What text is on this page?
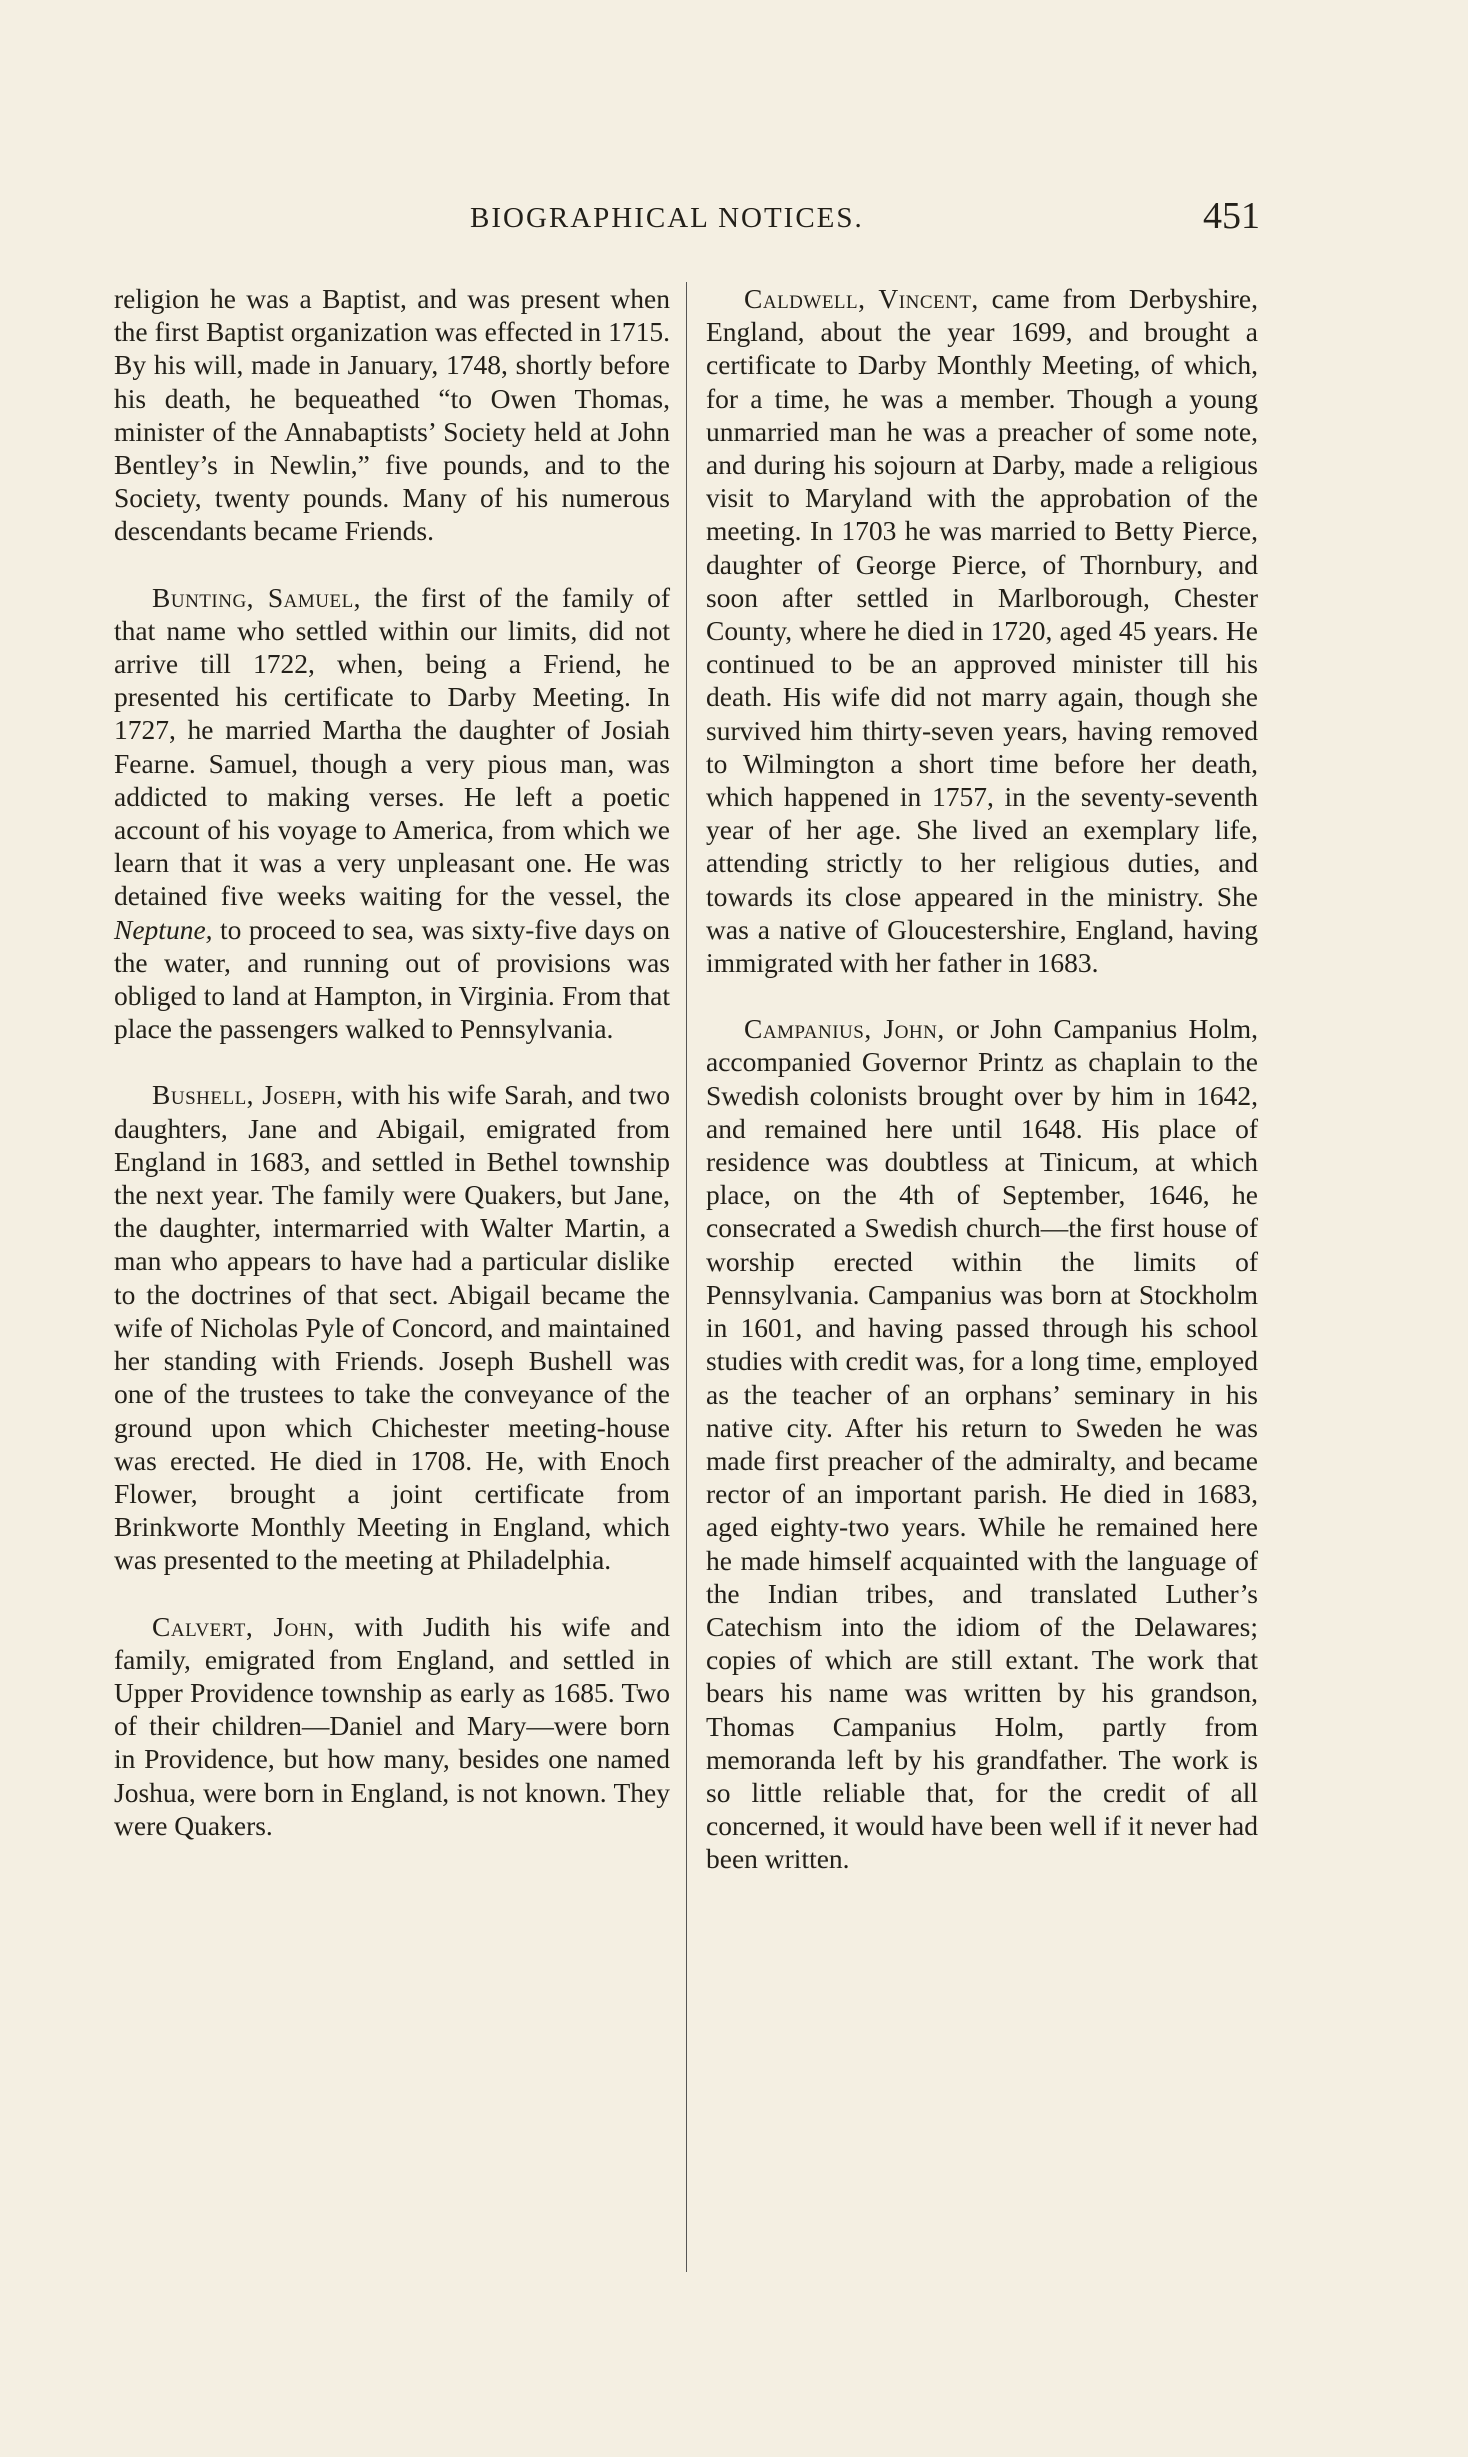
BIOGRAPHICAL NOTICES.	451

religion he was a Baptist, and was present when the first Baptist organization was effected in 1715. By his will, made in January, 1748, shortly before his death, he bequeathed “to Owen Thomas, minister of the Annabaptists’ Society held at John Bentley’s in Newlin,” five pounds, and to the Society, twenty pounds. Many of his numerous descendants became Friends.

Bunting, Samuel, the first of the family of that name who settled within our limits, did not arrive till 1722, when, being a Friend, he presented his certificate to Darby Meeting. In 1727, he married Martha the daughter of Josiah Fearne. Samuel, though a very pious man, was addicted to making verses. He left a poetic account of his voyage to America, from which we learn that it was a very unpleasant one. He was detained five weeks waiting for the vessel, the Neptune, to proceed to sea, was sixty-five days on the water, and running out of provisions was obliged to land at Hampton, in Virginia. From that place the passengers walked to Pennsylvania.

Bushell, Joseph, with his wife Sarah, and two daughters, Jane and Abigail, emigrated from England in 1683, and settled in Bethel township the next year. The family were Quakers, but Jane, the daughter, intermarried with Walter Martin, a man who appears to have had a particular dislike to the doctrines of that sect. Abigail became the wife of Nicholas Pyle of Concord, and maintained her standing with Friends. Joseph Bushell was one of the trustees to take the conveyance of the ground upon which Chichester meeting-house was erected. He died in 1708. He, with Enoch Flower, brought a joint certificate from Brinkworte Monthly Meeting in England, which was presented to the meeting at Philadelphia.

Calvert, John, with Judith his wife and family, emigrated from England, and settled in Upper Providence township as early as 1685. Two of their children—Daniel and Mary—were born in Providence, but how many, besides one named Joshua, were born in England, is not known. They were Quakers.

Caldwell, Vincent, came from Derbyshire, England, about the year 1699, and brought a certificate to Darby Monthly Meeting, of which, for a time, he was a member. Though a young unmarried man he was a preacher of some note, and during his sojourn at Darby, made a religious visit to Maryland with the approbation of the meeting. In 1703 he was married to Betty Pierce, daughter of George Pierce, of Thornbury, and soon after settled in Marlborough, Chester County, where he died in 1720, aged 45 years. He continued to be an approved minister till his death. His wife did not marry again, though she survived him thirty-seven years, having removed to Wilmington a short time before her death, which happened in 1757, in the seventy-seventh year of her age. She lived an exemplary life, attending strictly to her religious duties, and towards its close appeared in the ministry. She was a native of Gloucestershire, England, having immigrated with her father in 1683.

Campanius, John, or John Campanius Holm, accompanied Governor Printz as chaplain to the Swedish colonists brought over by him in 1642, and remained here until 1648. His place of residence was doubtless at Tinicum, at which place, on the 4th of September, 1646, he consecrated a Swedish church—the first house of worship erected within the limits of Pennsylvania. Campanius was born at Stockholm in 1601, and having passed through his school studies with credit was, for a long time, employed as the teacher of an orphans’ seminary in his native city. After his return to Sweden he was made first preacher of the admiralty, and became rector of an important parish. He died in 1683, aged eighty-two years. While he remained here he made himself acquainted with the language of the Indian tribes, and translated Luther’s Catechism into the idiom of the Delawares; copies of which are still extant. The work that bears his name was written by his grandson, Thomas Campanius Holm, partly from memoranda left by his grandfather. The work is so little reliable that, for the credit of all concerned, it would have been well if it never had been written.
